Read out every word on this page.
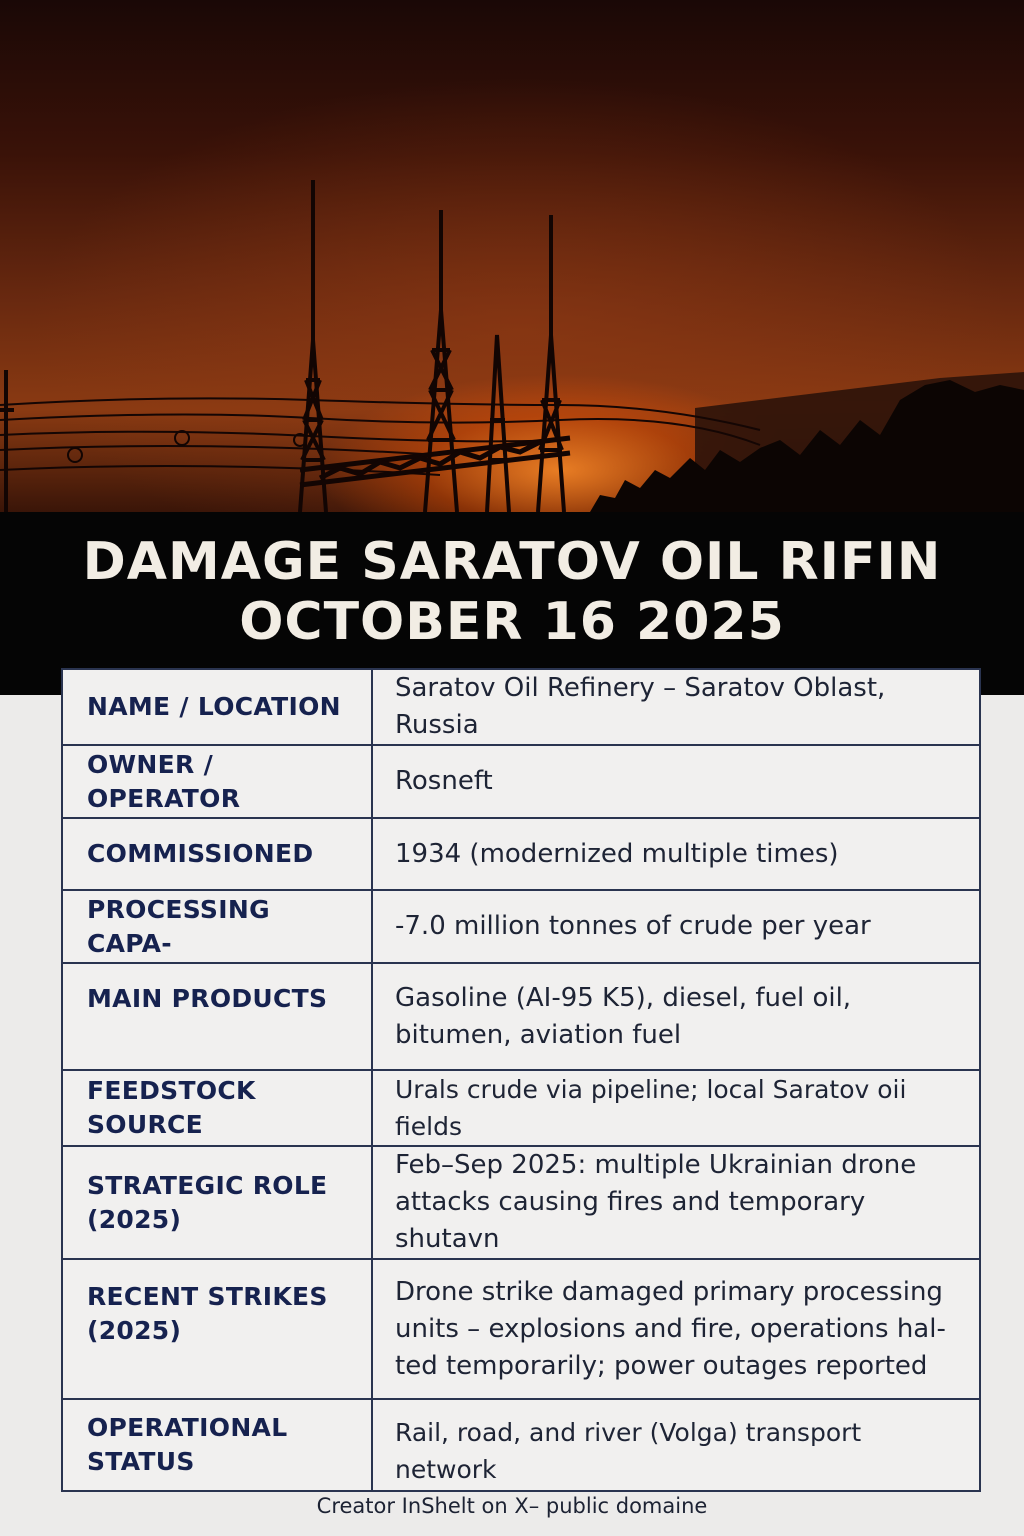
DAMAGE SARATOV OIL RIFIN
OCTOBER 16 2025
NAME / LOCATION	Saratov Oil Refinery – Saratov Oblast, Russia
OWNER / OPERATOR	Rosneft
COMMISSIONED	1934 (modernized multiple times)
PROCESSING CAPA-	-7.0 million tonnes of crude per year
MAIN PRODUCTS	Gasoline (AI-95 K5), diesel, fuel oil, bitumen, aviation fuel
FEEDSTOCK SOURCE	Urals crude via pipeline; local Saratov oii fields
STRATEGIC ROLE (2025)	Feb–Sep 2025: multiple Ukrainian drone attacks causing fires and temporary shutavn
RECENT STRIKES (2025)	Drone strike damaged primary processing units – explosions and fire, operations hal-ted temporarily; power outages reported
OPERATIONAL STATUS	Rail, road, and river (Volga) transport network
Creator InShelt on X– public domaine
